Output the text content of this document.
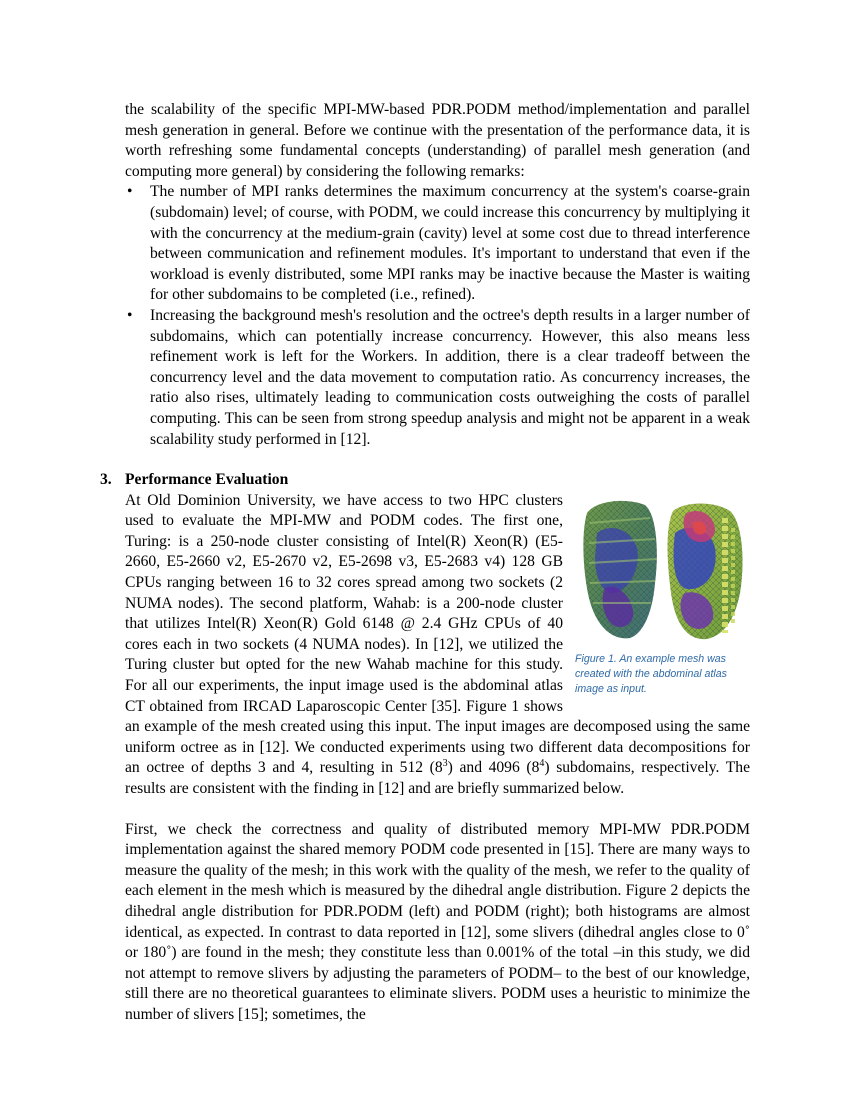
the scalability of the specific MPI-MW-based PDR.PODM method/implementation and parallel mesh generation in general. Before we continue with the presentation of the performance data, it is worth refreshing some fundamental concepts (understanding) of parallel mesh generation (and computing more general) by considering the following remarks:

• The number of MPI ranks determines the maximum concurrency at the system's coarse-grain (subdomain) level; of course, with PODM, we could increase this concurrency by multiplying it with the concurrency at the medium-grain (cavity) level at some cost due to thread interference between communication and refinement modules. It's important to understand that even if the workload is evenly distributed, some MPI ranks may be inactive because the Master is waiting for other subdomains to be completed (i.e., refined).
• Increasing the background mesh's resolution and the octree's depth results in a larger number of subdomains, which can potentially increase concurrency. However, this also means less refinement work is left for the Workers. In addition, there is a clear tradeoff between the concurrency level and the data movement to computation ratio. As concurrency increases, the ratio also rises, ultimately leading to communication costs outweighing the costs of parallel computing. This can be seen from strong speedup analysis and might not be apparent in a weak scalability study performed in [12].
3. Performance Evaluation
Figure 1. An example mesh was created with the abdominal atlas image as input.

At Old Dominion University, we have access to two HPC clusters used to evaluate the MPI-MW and PODM codes. The first one, Turing: is a 250-node cluster consisting of Intel(R) Xeon(R) (E5-2660, E5-2660 v2, E5-2670 v2, E5-2698 v3, E5-2683 v4) 128 GB CPUs ranging between 16 to 32 cores spread among two sockets (2 NUMA nodes). The second platform, Wahab: is a 200-node cluster that utilizes Intel(R) Xeon(R) Gold 6148 @ 2.4 GHz CPUs of 40 cores each in two sockets (4 NUMA nodes). In [12], we utilized the Turing cluster but opted for the new Wahab machine for this study. For all our experiments, the input image used is the abdominal atlas CT obtained from IRCAD Laparoscopic Center [35]. Figure 1 shows an example of the mesh created using this input. The input images are decomposed using the same uniform octree as in [12]. We conducted experiments using two different data decompositions for an octree of depths 3 and 4, resulting in 512 $(8^3)$ and 4096 $(8^4)$ subdomains, respectively. The results are consistent with the finding in [12] and are briefly summarized below.

First, we check the correctness and quality of distributed memory MPI-MW PDR.PODM implementation against the shared memory PODM code presented in [15]. There are many ways to measure the quality of the mesh; in this work with the quality of the mesh, we refer to the quality of each element in the mesh which is measured by the dihedral angle distribution. Figure 2 depicts the dihedral angle distribution for PDR.PODM (left) and PODM (right); both histograms are almost identical, as expected. In contrast to data reported in [12], some slivers (dihedral angles close to 0˚ or 180˚) are found in the mesh; they constitute less than 0.001% of the total –in this study, we did not attempt to remove slivers by adjusting the parameters of PODM– to the best of our knowledge, still there are no theoretical guarantees to eliminate slivers. PODM uses a heuristic to minimize the number of slivers [15]; sometimes, the
